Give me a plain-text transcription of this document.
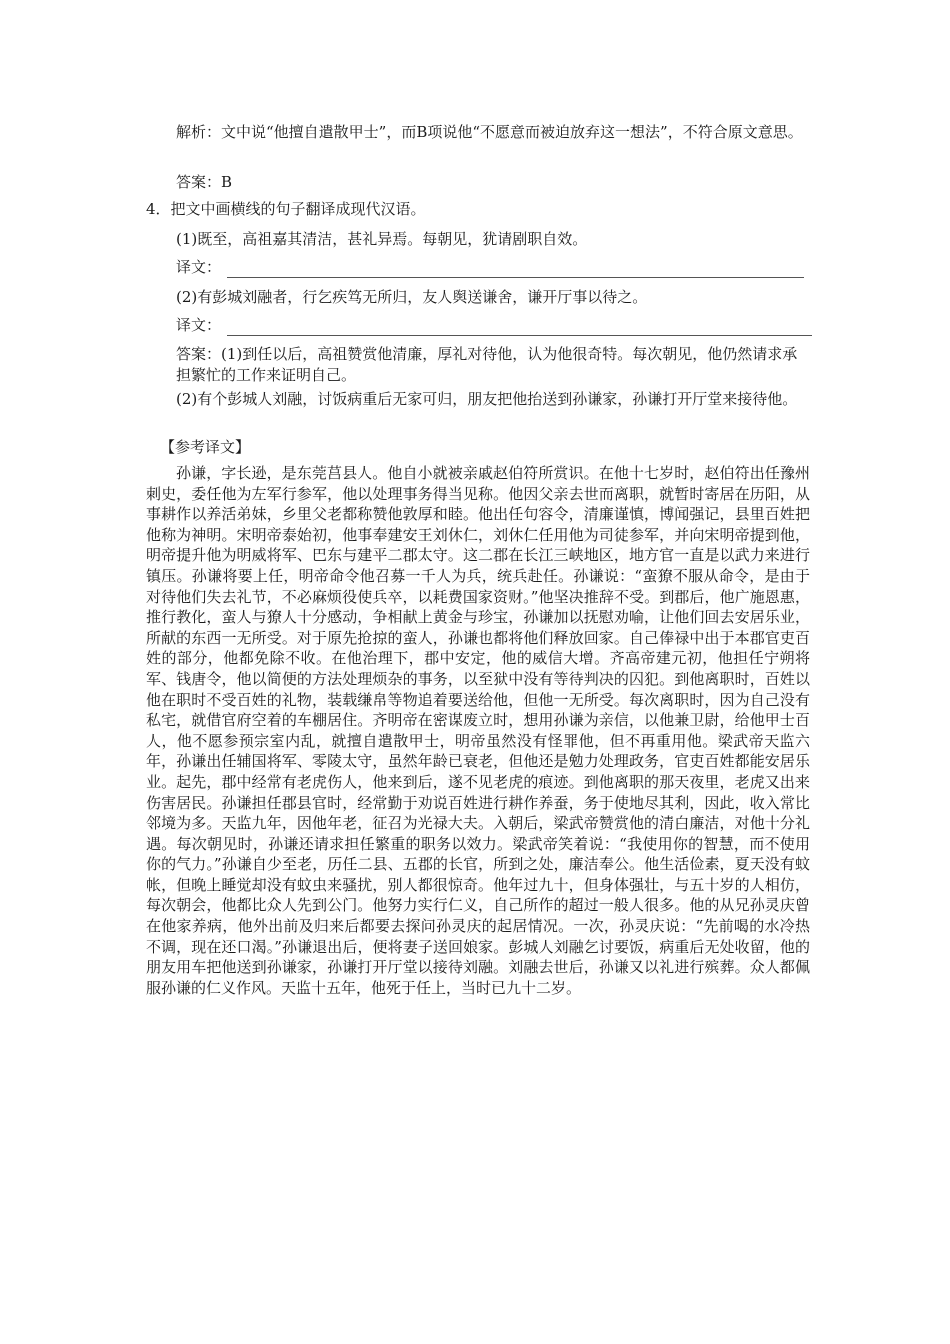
解析：文中说“他擅自遣散甲士”，而B项说他“不愿意而被迫放弃这一想法”，不符合原文意思。

答案：B

4．把文中画横线的句子翻译成现代汉语。

(1)既至，高祖嘉其清洁，甚礼异焉。每朝见，犹请剧职自效。

译文：

(2)有彭城刘融者，行乞疾笃无所归，友人舆送谦舍，谦开厅事以待之。

译文：

答案：(1)到任以后，高祖赞赏他清廉，厚礼对待他，认为他很奇特。每次朝见，他仍然请求承担繁忙的工作来证明自己。

(2)有个彭城人刘融，讨饭病重后无家可归，朋友把他抬送到孙谦家，孙谦打开厅堂来接待他。

【参考译文】

孙谦，字长逊，是东莞莒县人。他自小就被亲戚赵伯符所赏识。在他十七岁时，赵伯符出任豫州刺史，委任他为左军行参军，他以处理事务得当见称。他因父亲去世而离职，就暂时寄居在历阳，从事耕作以养活弟妹，乡里父老都称赞他敦厚和睦。他出任句容令，清廉谨慎，博闻强记，县里百姓把他称为神明。宋明帝泰始初，他事奉建安王刘休仁，刘休仁任用他为司徒参军，并向宋明帝提到他，明帝提升他为明威将军、巴东与建平二郡太守。这二郡在长江三峡地区，地方官一直是以武力来进行镇压。孙谦将要上任，明帝命令他召募一千人为兵，统兵赴任。孙谦说：“蛮獠不服从命令，是由于对待他们失去礼节，不必麻烦役使兵卒，以耗费国家资财。”他坚决推辞不受。到郡后，他广施恩惠，推行教化，蛮人与獠人十分感动，争相献上黄金与珍宝，孙谦加以抚慰劝喻，让他们回去安居乐业，所献的东西一无所受。对于原先抢掠的蛮人，孙谦也都将他们释放回家。自己俸禄中出于本郡官吏百姓的部分，他都免除不收。在他治理下，郡中安定，他的威信大增。齐高帝建元初，他担任宁朔将军、钱唐令，他以简便的方法处理烦杂的事务，以至狱中没有等待判决的囚犯。到他离职时，百姓以他在职时不受百姓的礼物，装载缣帛等物追着要送给他，但他一无所受。每次离职时，因为自己没有私宅，就借官府空着的车棚居住。齐明帝在密谋废立时，想用孙谦为亲信，以他兼卫尉，给他甲士百人，他不愿参预宗室内乱，就擅自遣散甲士，明帝虽然没有怪罪他，但不再重用他。梁武帝天监六年，孙谦出任辅国将军、零陵太守，虽然年龄已衰老，但他还是勉力处理政务，官吏百姓都能安居乐业。起先，郡中经常有老虎伤人，他来到后，遂不见老虎的痕迹。到他离职的那天夜里，老虎又出来伤害居民。孙谦担任郡县官时，经常勤于劝说百姓进行耕作养蚕，务于使地尽其利，因此，收入常比邻境为多。天监九年，因他年老，征召为光禄大夫。入朝后，梁武帝赞赏他的清白廉洁，对他十分礼遇。每次朝见时，孙谦还请求担任繁重的职务以效力。梁武帝笑着说：“我使用你的智慧，而不使用你的气力。”孙谦自少至老，历任二县、五郡的长官，所到之处，廉洁奉公。他生活俭素，夏天没有蚊帐，但晚上睡觉却没有蚊虫来骚扰，别人都很惊奇。他年过九十，但身体强壮，与五十岁的人相仿，每次朝会，他都比众人先到公门。他努力实行仁义，自己所作的超过一般人很多。他的从兄孙灵庆曾在他家养病，他外出前及归来后都要去探问孙灵庆的起居情况。一次，孙灵庆说：“先前喝的水冷热不调，现在还口渴。”孙谦退出后，便将妻子送回娘家。彭城人刘融乞讨要饭，病重后无处收留，他的朋友用车把他送到孙谦家，孙谦打开厅堂以接待刘融。刘融去世后，孙谦又以礼进行殡葬。众人都佩服孙谦的仁义作风。天监十五年，他死于任上，当时已九十二岁。
